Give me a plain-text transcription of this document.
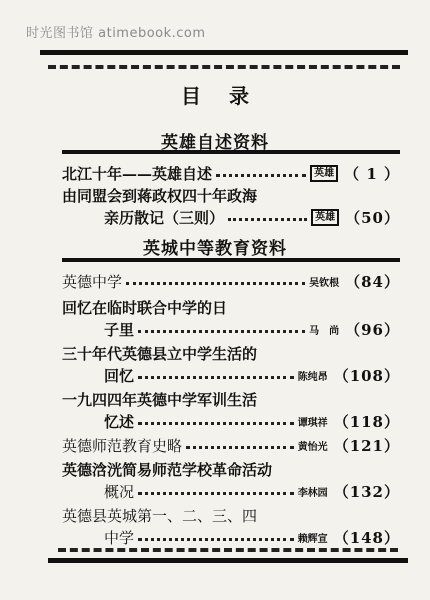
时光图书馆 atimebook.com
目录
英雄自述资料
北江十年——英雄自述	英雄 （ 1 ）
由同盟会到蒋政权四十年政海
亲历散记（三则）	英雄 （50）
英城中等教育资料
英德中学	吴钦根 （84）
回忆在临时联合中学的日
子里	马　尚 （96）
三十年代英德县立中学生活的
回忆	陈纯昂 （108）
一九四四年英德中学军训生活
忆述	谭琪祥 （118）
英德师范教育史略	黄怡光 （121）
英德浛洸简易师范学校革命活动
概况	李林园 （132）
英德县英城第一、二、三、四
中学	赖辉宣 （148）
